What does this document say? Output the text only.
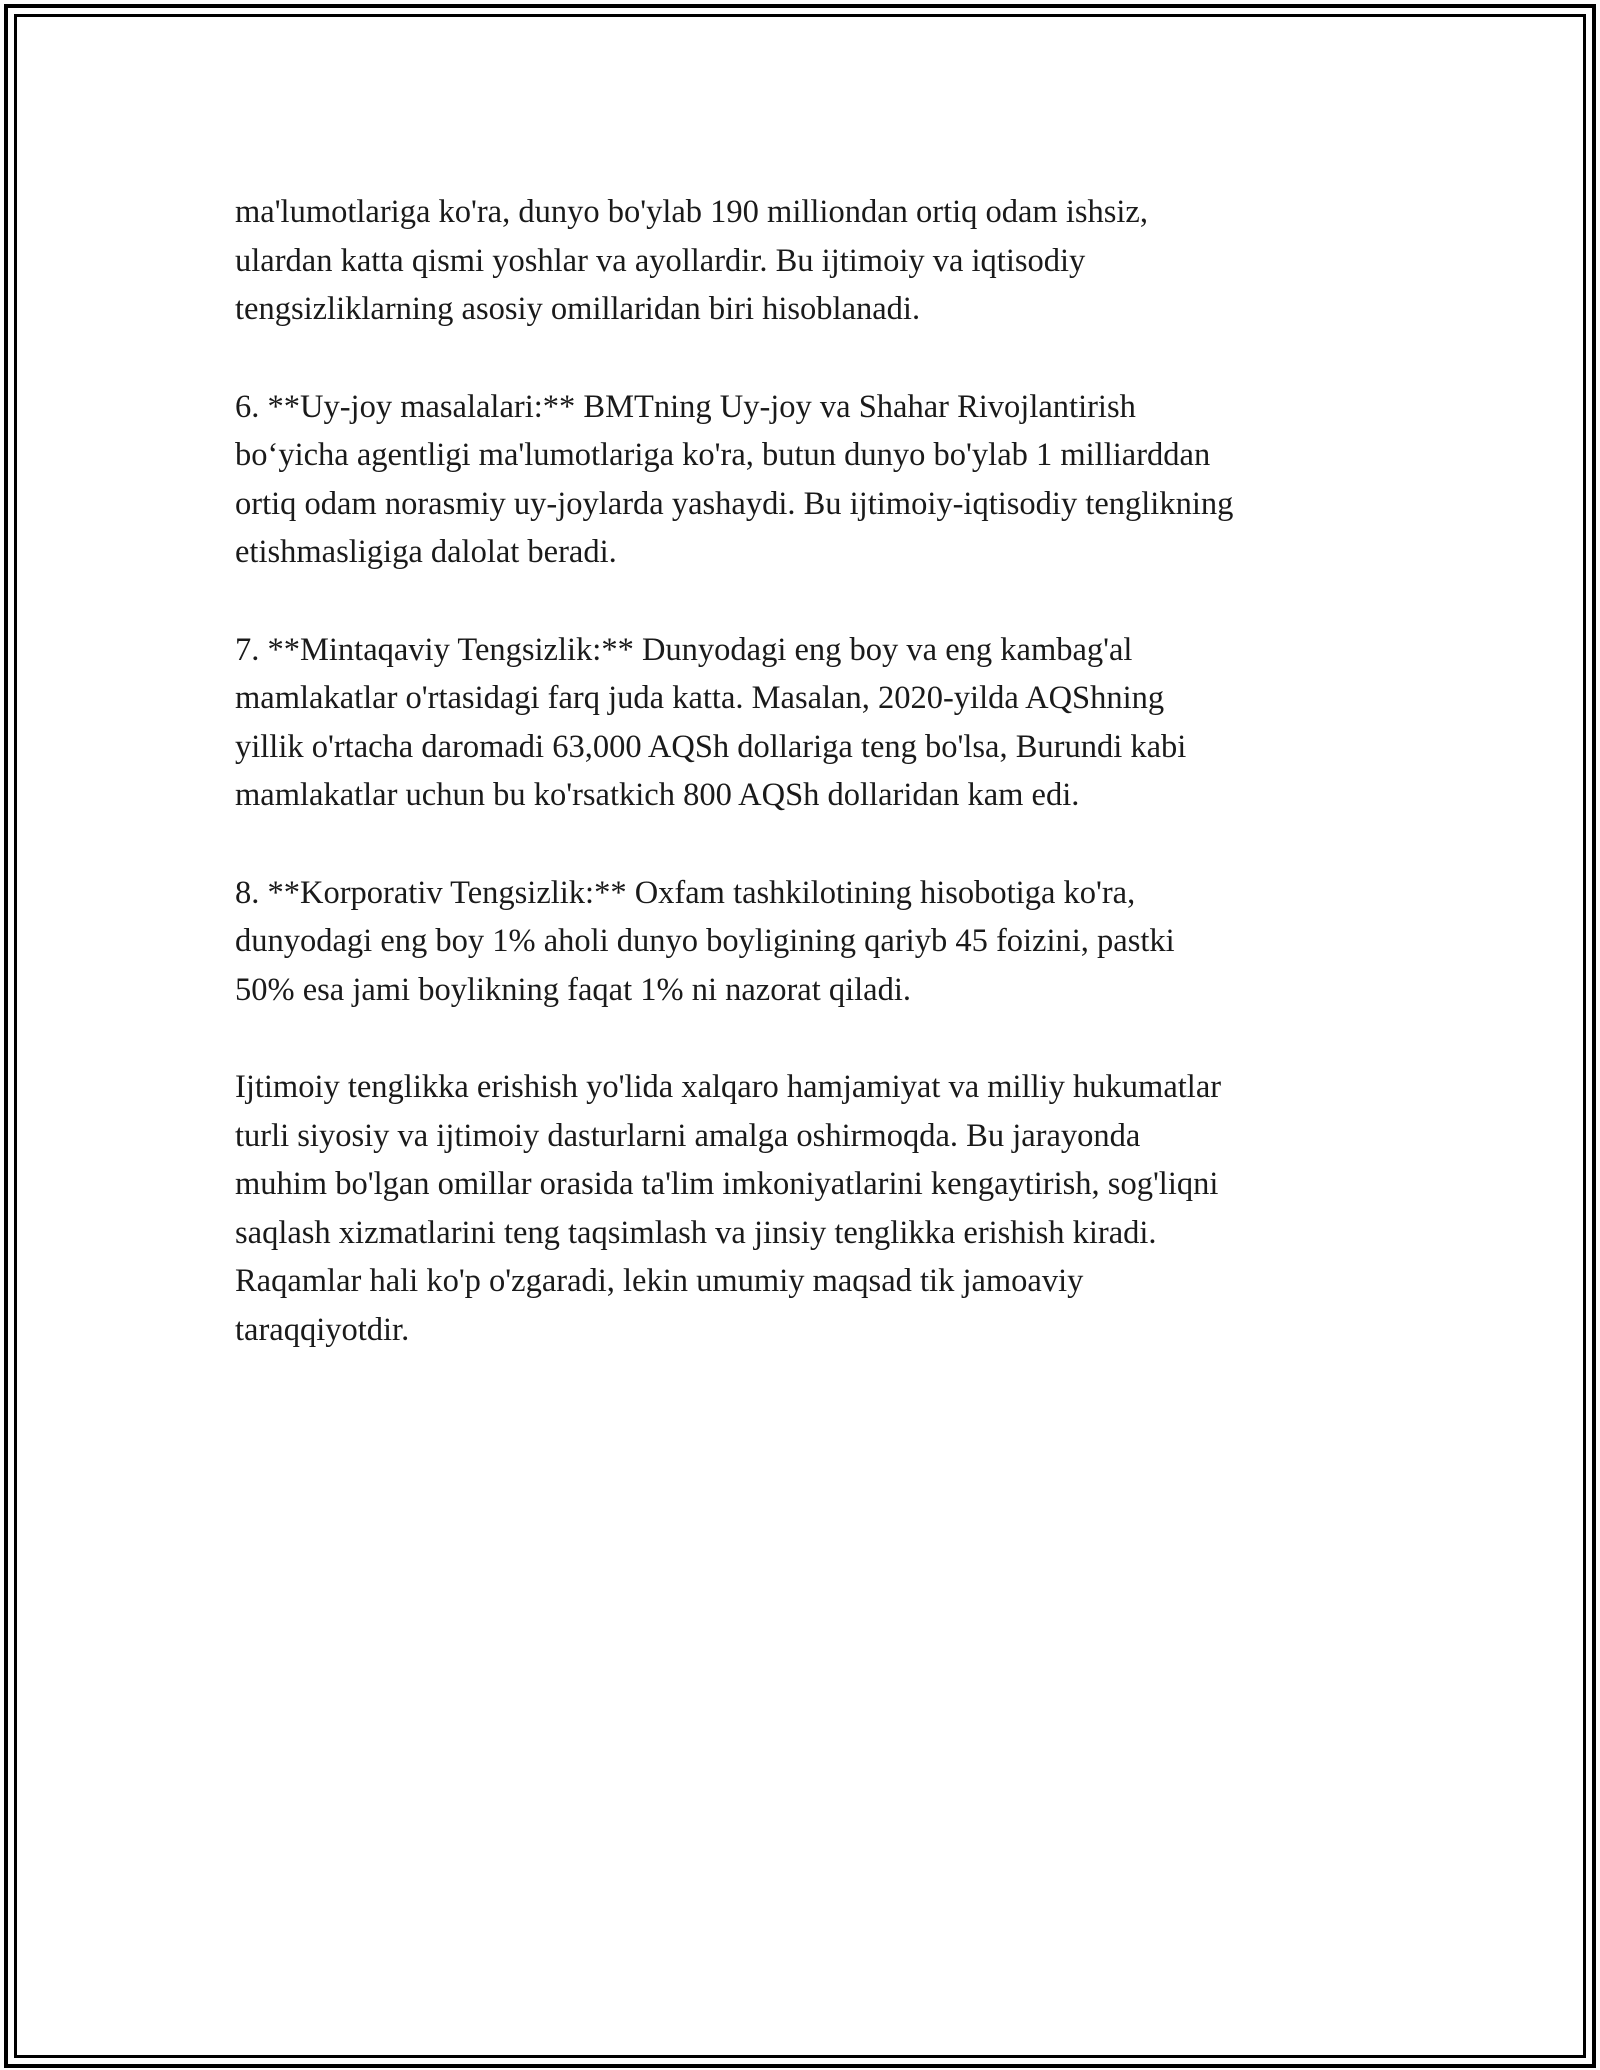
ma'lumotlariga ko'ra, dunyo bo'ylab 190 milliondan ortiq odam ishsiz,
ulardan katta qismi yoshlar va ayollardir. Bu ijtimoiy va iqtisodiy
tengsizliklarning asosiy omillaridan biri hisoblanadi.

6. **Uy-joy masalalari:** BMTning Uy-joy va Shahar Rivojlantirish
bo‘yicha agentligi ma'lumotlariga ko'ra, butun dunyo bo'ylab 1 milliarddan
ortiq odam norasmiy uy-joylarda yashaydi. Bu ijtimoiy-iqtisodiy tenglikning
etishmasligiga dalolat beradi.

7. **Mintaqaviy Tengsizlik:** Dunyodagi eng boy va eng kambag'al
mamlakatlar o'rtasidagi farq juda katta. Masalan, 2020-yilda AQShning
yillik o'rtacha daromadi 63,000 AQSh dollariga teng bo'lsa, Burundi kabi
mamlakatlar uchun bu ko'rsatkich 800 AQSh dollaridan kam edi.

8. **Korporativ Tengsizlik:** Oxfam tashkilotining hisobotiga ko'ra,
dunyodagi eng boy 1% aholi dunyo boyligining qariyb 45 foizini, pastki
50% esa jami boylikning faqat 1% ni nazorat qiladi.

Ijtimoiy tenglikka erishish yo'lida xalqaro hamjamiyat va milliy hukumatlar
turli siyosiy va ijtimoiy dasturlarni amalga oshirmoqda. Bu jarayonda
muhim bo'lgan omillar orasida ta'lim imkoniyatlarini kengaytirish, sog'liqni
saqlash xizmatlarini teng taqsimlash va jinsiy tenglikka erishish kiradi.
Raqamlar hali ko'p o'zgaradi, lekin umumiy maqsad tik jamoaviy
taraqqiyotdir.
